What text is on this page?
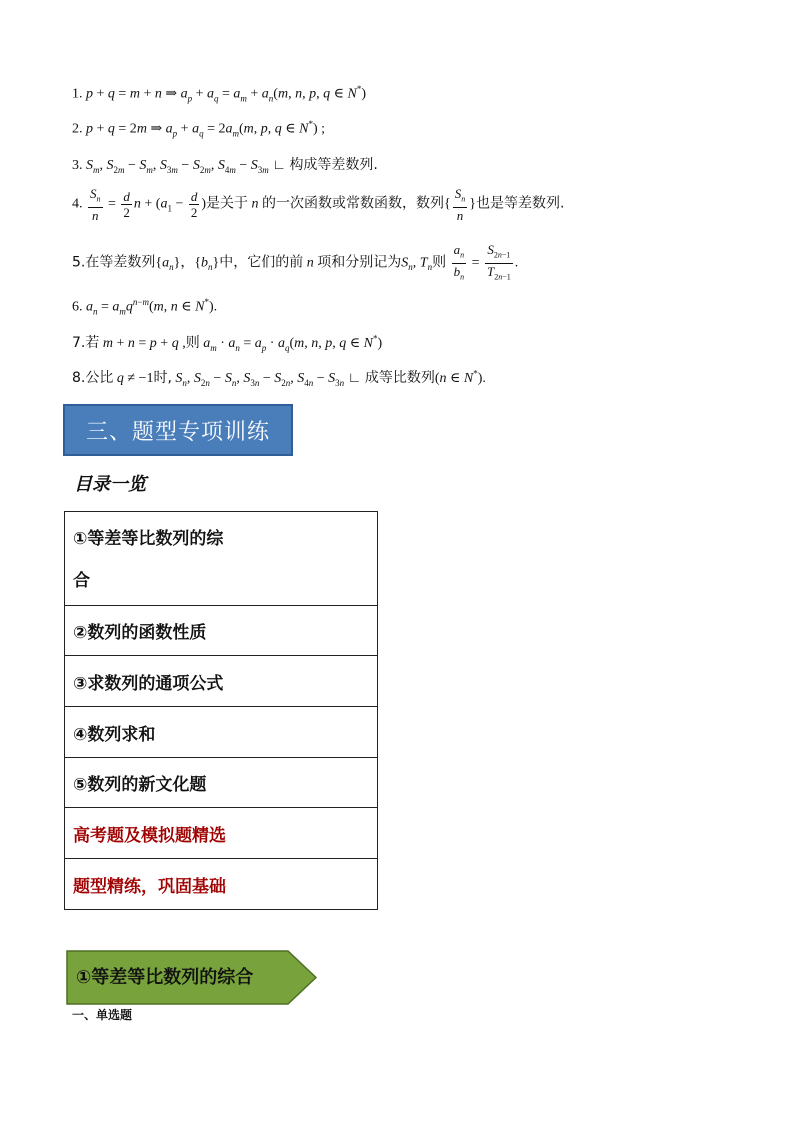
1. p + q = m + n ⇒ $a_p + a_q = a_m + a_n(m$, n, p, q ∈ N*)
2. p + q = 2m ⇒ $a_p + a_q = 2a_m(m$, p, q ∈ N*) ;
3. $S_m$, $S_{2m} - S_m$, $S_{3m} - S_{2m}$, $S_{4m} - S_{3m}$ ∟ 构成等差数列.
4. $\frac{S_n}{n} = \frac{d}{2}$ $n + (a_1 - \frac{d}{2}$ )是关于 n 的一次函数或常数函数，数列{ $\frac{S_n}{n}$ }也是等差数列.
5.在等差数列$\{a_n\}$，$\{b_n\}$中，它们的前 n 项和分别记为$S_n$, $T_n$则 $\frac{a_n}{b_n} = \frac{S_{2n-1}}{T_{2n-1}}$ .
6. $a_n = a_mq^{n-m}(m$, n ∈ N*).
7.若 m + n = p + q ,则 $a_m \cdot a_n = a_p \cdot a_q(m$, n, p, q ∈ N*)
8.公比 q ≠ −1时, $S_n$, $S_{2n} - S_n$, $S_{3n} - S_{2n}$, $S_{4n} - S_{3n}$ ∟ 成等比数列(n ∈ N*).
三、题型专项训练
目录一览
①等差等比数列的综
合

②数列的函数性质
③求数列的通项公式
④数列求和
⑤数列的新文化题
高考题及模拟题精选
题型精练，巩固基础
①等差等比数列的综合
一、单选题
